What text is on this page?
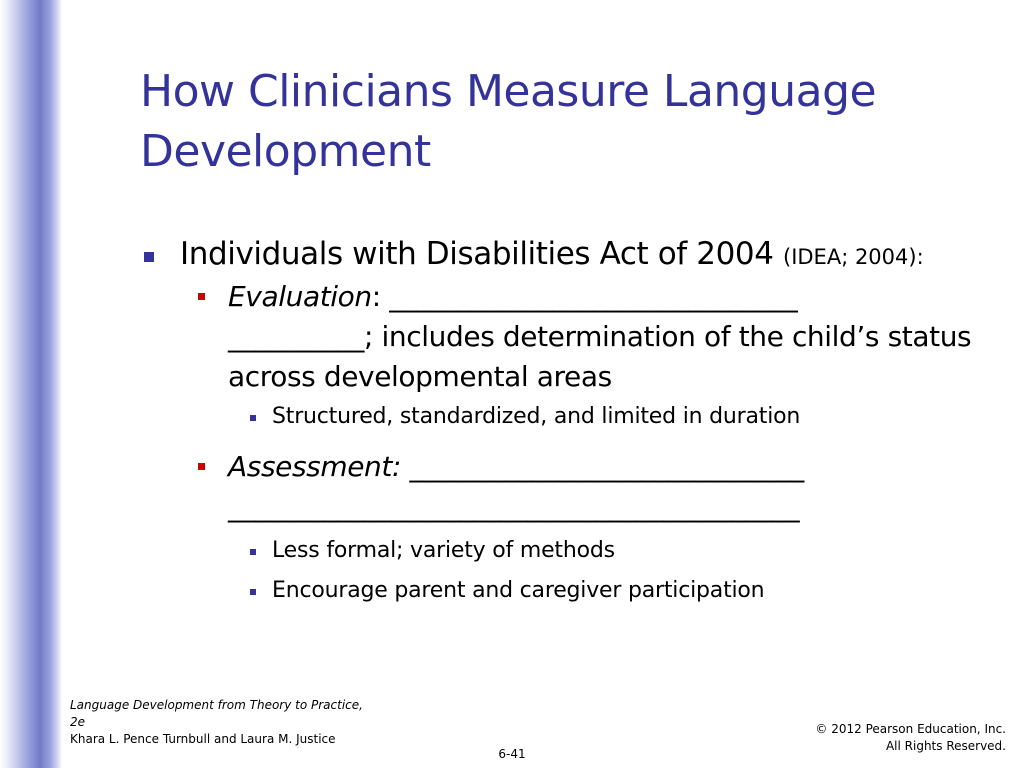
How Clinicians Measure Language Development
Individuals with Disabilities Act of 2004 (IDEA; 2004):
Evaluation: ______________________________
__________; includes determination of the child’s status across developmental areas
Structured, standardized, and limited in duration
Assessment: _____________________________
__________________________________________
Less formal; variety of methods
Encourage parent and caregiver participation
Language Development from Theory to Practice, 2e
Khara L. Pence Turnbull and Laura M. Justice
6-41
© 2012 Pearson Education, Inc.
All Rights Reserved.
